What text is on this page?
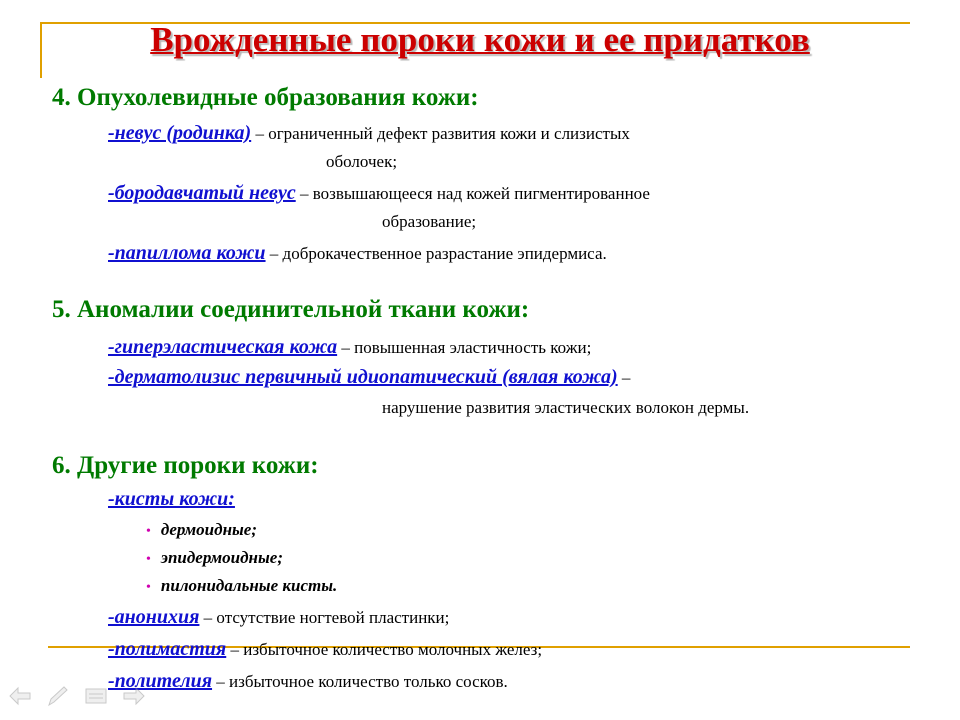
Врожденные пороки кожи и ее придатков
4. Опухолевидные образования кожи:
-невус (родинка) – ограниченный дефект развития кожи и слизистых
оболочек;
-бородавчатый невус – возвышающееся над кожей пигментированное
образование;
-папиллома кожи – доброкачественное разрастание эпидермиса.
5. Аномалии соединительной ткани кожи:
-гиперэластическая кожа – повышенная эластичность кожи;
-дерматолизис первичный идиопатический (вялая кожа) –
нарушение развития эластических волокон дермы.
6. Другие пороки кожи:
-кисты кожи:
• дермоидные;
• эпидермоидные;
• пилонидальные кисты.
-анонихия – отсутствие ногтевой пластинки;
-полимастия – избыточное количество молочных желез;
-полителия – избыточное количество только сосков.
